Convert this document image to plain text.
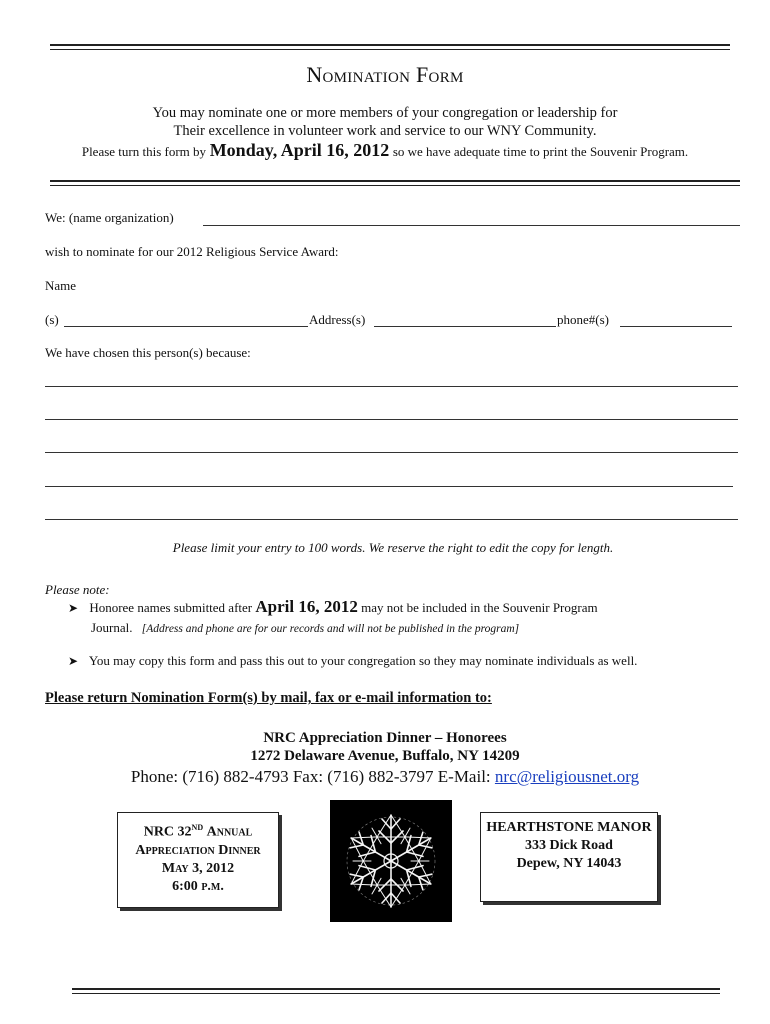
Nomination Form
You may nominate one or more members of your congregation or leadership for
Their excellence in volunteer work and service to our WNY Community.
Please turn this form by Monday, April 16, 2012 so we have adequate time to print the Souvenir Program.
We: (name organization)
wish to nominate for our 2012 Religious Service Award:
Name
(s)	Address(s)	phone#(s)
We have chosen this person(s) because:
Please limit your entry to 100 words. We reserve the right to edit the copy for length.
Please note:
➤ Honoree names submitted after April 16, 2012 may not be included in the Souvenir Program
Journal. [Address and phone are for our records and will not be published in the program]
➤ You may copy this form and pass this out to your congregation so they may nominate individuals as well.
Please return Nomination Form(s) by mail, fax or e-mail information to:
NRC Appreciation Dinner – Honorees
1272 Delaware Avenue, Buffalo, NY 14209
Phone: (716) 882-4793 Fax: (716) 882-3797 E-Mail: nrc@religiousnet.org
NRC 32ND Annual
Appreciation Dinner
May 3, 2012
6:00 p.m.
HEARTHSTONE MANOR
333 Dick Road
Depew, NY 14043
